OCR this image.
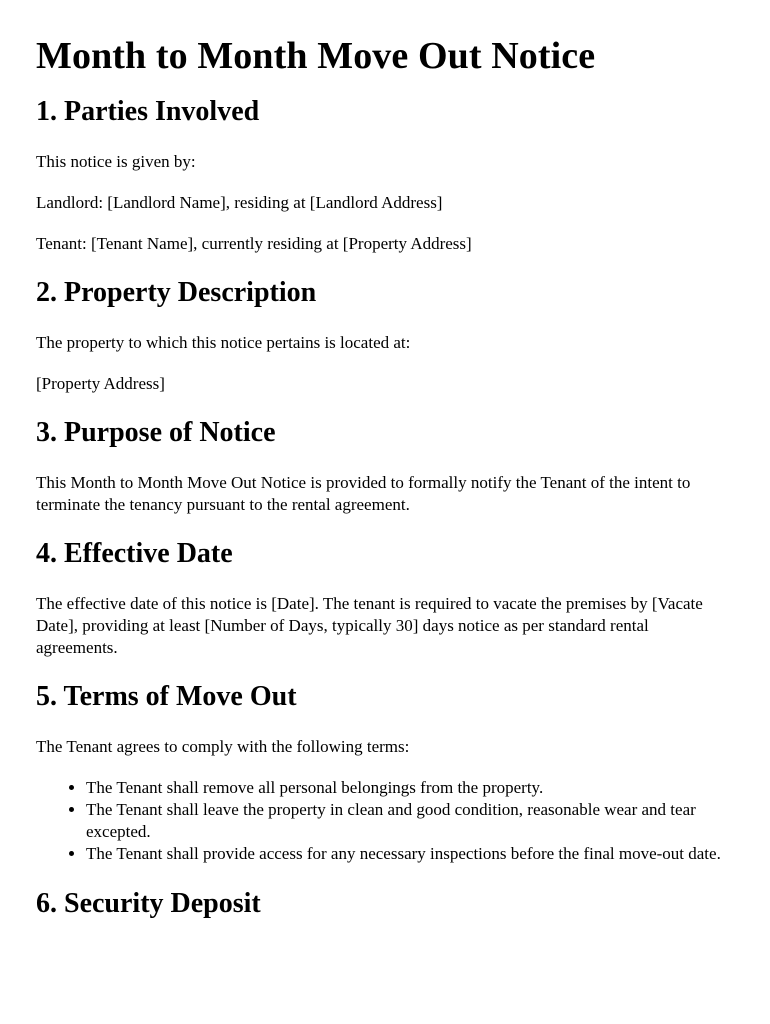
Month to Month Move Out Notice
1. Parties Involved

This notice is given by:

Landlord: [Landlord Name], residing at [Landlord Address]

Tenant: [Tenant Name], currently residing at [Property Address]

2. Property Description

The property to which this notice pertains is located at:

[Property Address]

3. Purpose of Notice

This Month to Month Move Out Notice is provided to formally notify the Tenant of the intent to terminate the tenancy pursuant to the rental agreement.

4. Effective Date

The effective date of this notice is [Date]. The tenant is required to vacate the premises by [Vacate Date], providing at least [Number of Days, typically 30] days notice as per standard rental agreements.

5. Terms of Move Out

The Tenant agrees to comply with the following terms:

• The Tenant shall remove all personal belongings from the property.
• The Tenant shall leave the property in clean and good condition, reasonable wear and tear excepted.
• The Tenant shall provide access for any necessary inspections before the final move-out date.
6. Security Deposit
